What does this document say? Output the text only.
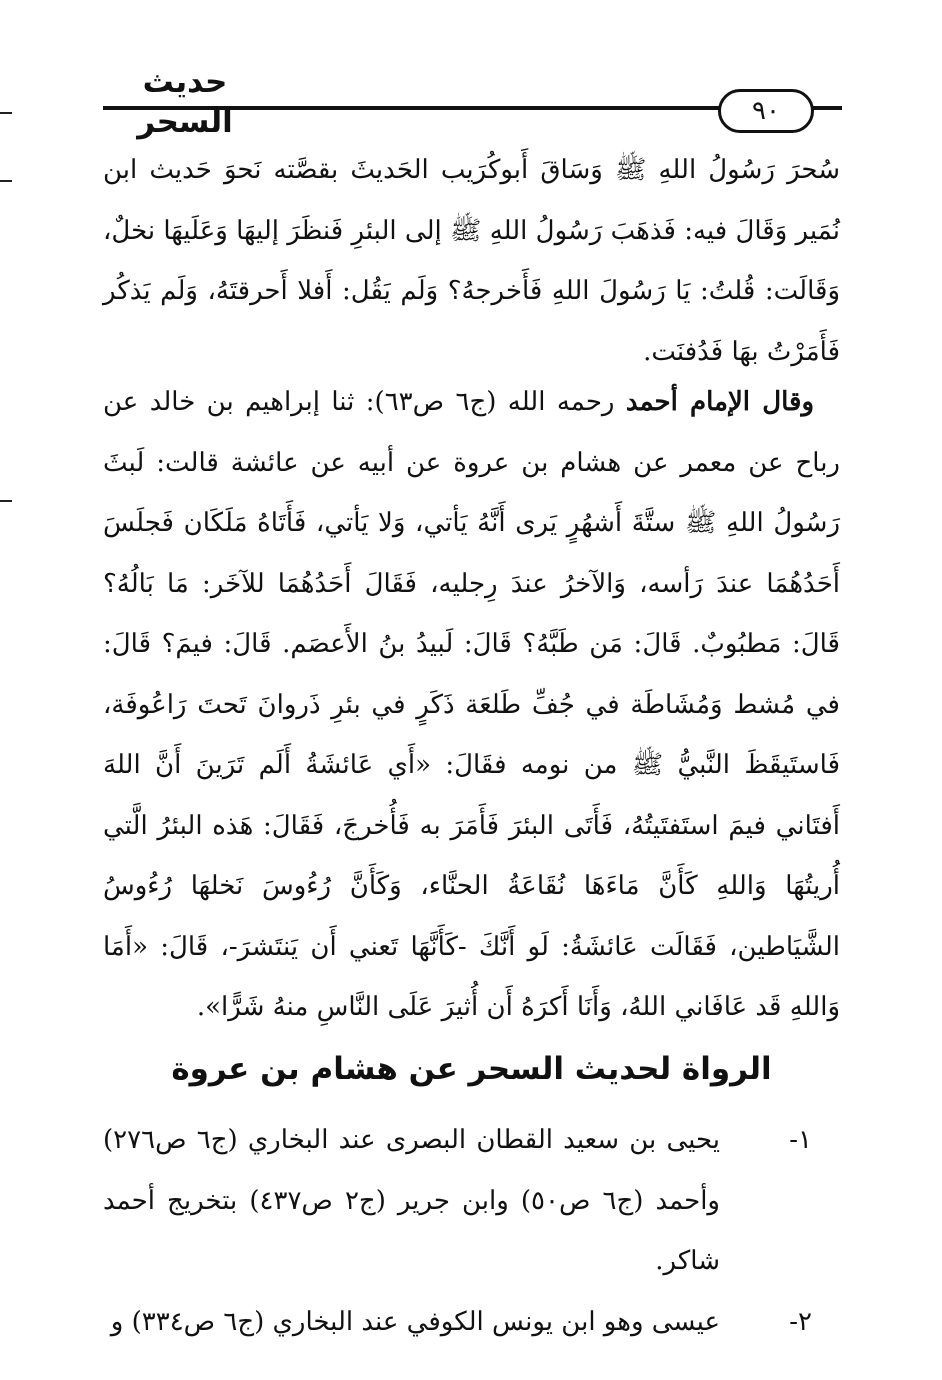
حديث السحر	٩٠
سُحرَ رَسُولُ اللهِ ﷺ وَسَاقَ أَبوكُرَيب الحَديثَ بقصَّته نَحوَ حَديث ابن نُمَير وَقَالَ فيه: فَذهَبَ رَسُولُ اللهِ ﷺ إلى البئرِ فَنظَرَ إليهَا وَعَلَيهَا نخلٌ، وَقَالَت: قُلتُ: يَا رَسُولَ اللهِ فَأَخرجهُ؟ وَلَم يَقُل: أَفلا أَحرقتَهُ، وَلَم يَذكُر فَأَمَرْتُ بهَا فَدُفنَت.
وقال الإمام أحمد رحمه الله (ج٦ ص٦٣): ثنا إبراهيم بن خالد عن رباح عن معمر عن هشام بن عروة عن أبيه عن عائشة قالت: لَبثَ رَسُولُ اللهِ ﷺ ستَّةَ أَشهُرٍ يَرى أَنَّهُ يَأتي، وَلا يَأتي، فَأَتَاهُ مَلَكَان فَجلَسَ أَحَدُهُمَا عندَ رَأسه، وَالآخرُ عندَ رِجليه، فَقَالَ أَحَدُهُمَا للآخَر: مَا بَالُهُ؟ قَالَ: مَطبُوبٌ. قَالَ: مَن طَبَّهُ؟ قَالَ: لَبيدُ بنُ الأَعصَم. قَالَ: فيمَ؟ قَالَ: في مُشط وَمُشَاطَة في جُفِّ طَلعَة ذَكَرٍ في بئرِ ذَروانَ تَحتَ رَاعُوفَة، فَاستَيقَظَ النَّبيُّ ﷺ من نومه فقَالَ: «أَي عَائشَةُ أَلَم تَرَينَ أَنَّ اللهَ أَفتَاني فيمَ استَفتَيتُهُ، فَأَتَى البئرَ فَأَمَرَ به فَأُخرجَ، فَقَالَ: هَذه البئرُ الَّتي أُريتُهَا وَاللهِ كَأَنَّ مَاءَهَا نُقَاعَةُ الحنَّاء، وَكَأَنَّ رُءُوسَ نَخلهَا رُءُوسُ الشَّيَاطين، فَقَالَت عَائشَةُ: لَو أَنَّكَ -كَأَنَّهَا تَعني أَن يَنتَشرَ-، قَالَ: «أَمَا وَاللهِ قَد عَافَاني اللهُ، وَأَنَا أَكرَهُ أَن أُثيرَ عَلَى النَّاسِ منهُ شَرًّا».
الرواة لحديث السحر عن هشام بن عروة
١-
يحيى بن سعيد القطان البصرى عند البخاري (ج٦ ص٢٧٦) وأحمد (ج٦ ص٥٠) وابن جرير (ج٢ ص٤٣٧) بتخريج أحمد شاكر.
٢-
عيسى وهو ابن يونس الكوفي عند البخاري (ج٦ ص٣٣٤) و
